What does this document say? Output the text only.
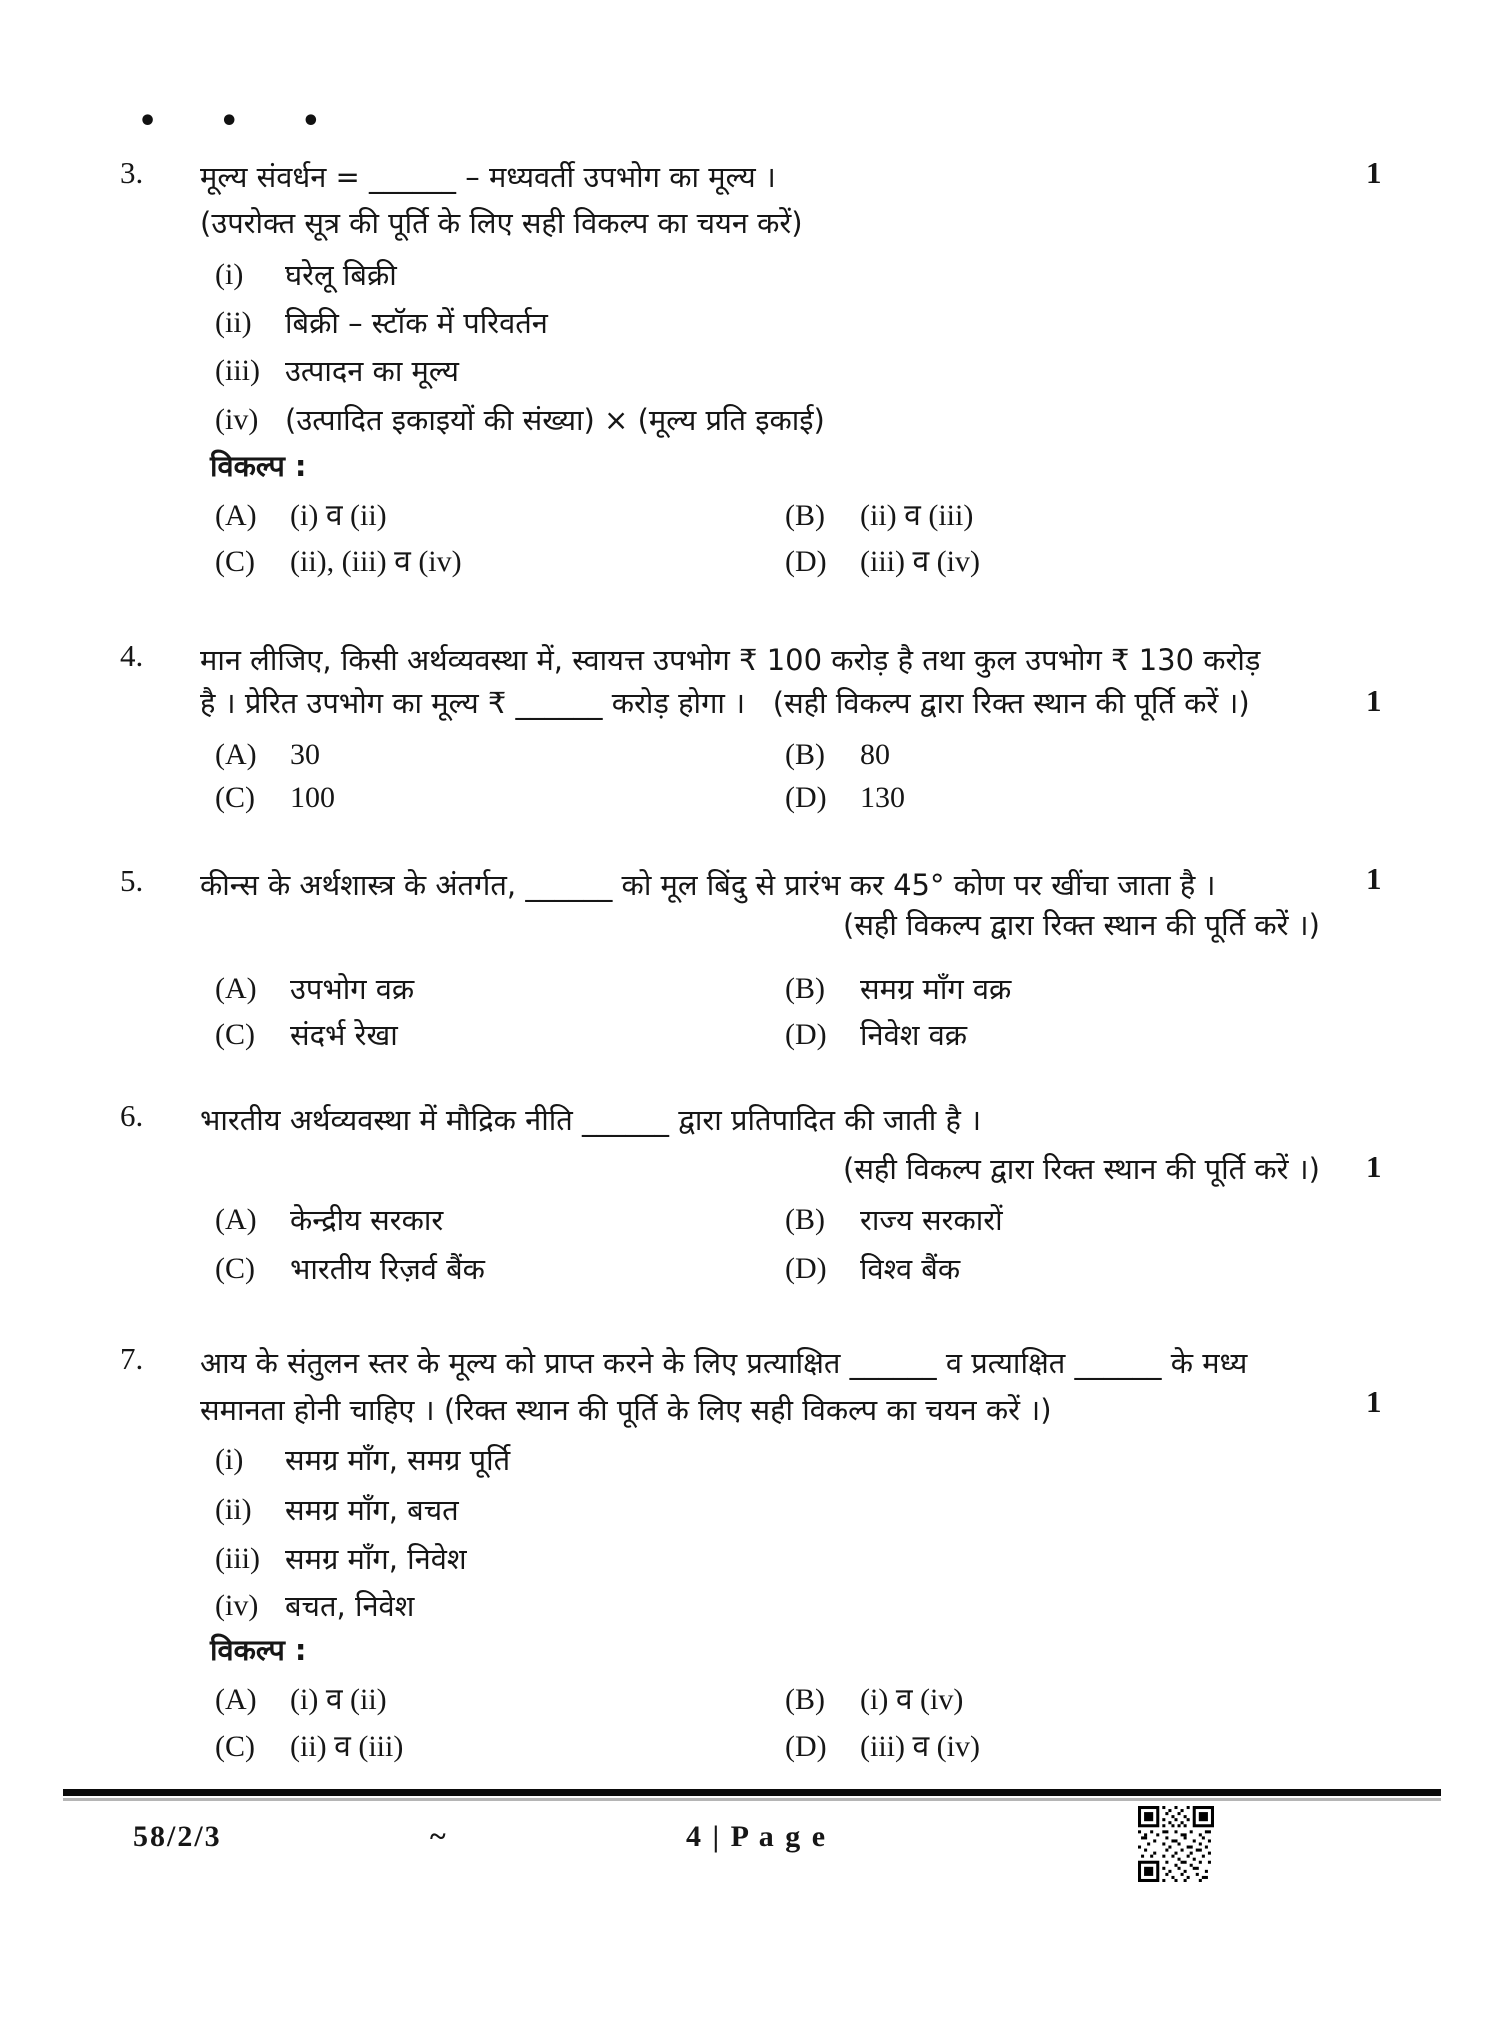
• • •
3. मूल्य संवर्धन = ______ – मध्यवर्ती उपभोग का मूल्य ।	1
(उपरोक्त सूत्र की पूर्ति के लिए सही विकल्प का चयन करें)
(i) घरेलू बिक्री
(ii) बिक्री – स्टॉक में परिवर्तन
(iii) उत्पादन का मूल्य
(iv) (उत्पादित इकाइयों की संख्या) × (मूल्य प्रति इकाई)
विकल्प :
(A) (i) व (ii)	(B) (ii) व (iii)
(C) (ii), (iii) व (iv)	(D) (iii) व (iv)
4. मान लीजिए, किसी अर्थव्यवस्था में, स्वायत्त उपभोग ₹ 100 करोड़ है तथा कुल उपभोग ₹ 130 करोड़
है । प्रेरित उपभोग का मूल्य ₹ ______ करोड़ होगा ।   (सही विकल्प द्वारा रिक्त स्थान की पूर्ति करें ।)	1
(A) 30	(B) 80
(C) 100	(D) 130
5. कीन्स के अर्थशास्त्र के अंतर्गत, ______ को मूल बिंदु से प्रारंभ कर 45° कोण पर खींचा जाता है ।	1
(सही विकल्प द्वारा रिक्त स्थान की पूर्ति करें ।)
(A) उपभोग वक्र	(B) समग्र माँग वक्र
(C) संदर्भ रेखा	(D) निवेश वक्र
6. भारतीय अर्थव्यवस्था में मौद्रिक नीति ______ द्वारा प्रतिपादित की जाती है ।
(सही विकल्प द्वारा रिक्त स्थान की पूर्ति करें ।) 1
(A) केन्द्रीय सरकार	(B) राज्य सरकारों
(C) भारतीय रिज़र्व बैंक	(D) विश्व बैंक
7. आय के संतुलन स्तर के मूल्य को प्राप्त करने के लिए प्रत्याक्षित ______ व प्रत्याक्षित ______ के मध्य
समानता होनी चाहिए । (रिक्त स्थान की पूर्ति के लिए सही विकल्प का चयन करें ।)	1
(i) समग्र माँग, समग्र पूर्ति
(ii) समग्र माँग, बचत
(iii) समग्र माँग, निवेश
(iv) बचत, निवेश
विकल्प :
(A) (i) व (ii)	(B) (i) व (iv)
(C) (ii) व (iii)	(D) (iii) व (iv)
58/2/3	~	4 | P a g e
